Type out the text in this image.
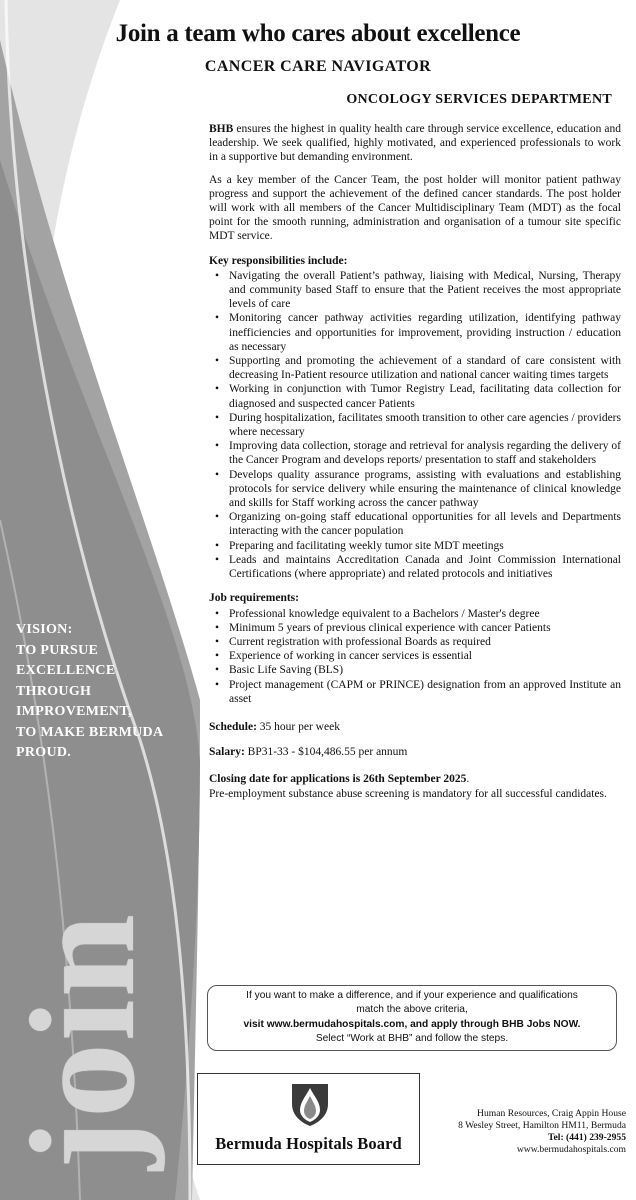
join
VISION:
TO PURSUE
EXCELLENCE
THROUGH
IMPROVEMENT,
TO MAKE BERMUDA
PROUD.
Join a team who cares about excellence
CANCER CARE NAVIGATOR
ONCOLOGY SERVICES DEPARTMENT

BHB ensures the highest in quality health care through service excellence, education and leadership. We seek qualified, highly motivated, and experienced professionals to work in a supportive but demanding environment.

As a key member of the Cancer Team, the post holder will monitor patient pathway progress and support the achievement of the defined cancer standards. The post holder will work with all members of the Cancer Multidisciplinary Team (MDT) as the focal point for the smooth running, administration and organisation of a tumour site specific MDT service.

Key responsibilities include:
• Navigating the overall Patient’s pathway, liaising with Medical, Nursing, Therapy and community based Staff to ensure that the Patient receives the most appropriate levels of care
• Monitoring cancer pathway activities regarding utilization, identifying pathway inefficiencies and opportunities for improvement, providing instruction / education as necessary
• Supporting and promoting the achievement of a standard of care consistent with decreasing In-Patient resource utilization and national cancer waiting times targets
• Working in conjunction with Tumor Registry Lead, facilitating data collection for diagnosed and suspected cancer Patients
• During hospitalization, facilitates smooth transition to other care agencies / providers where necessary
• Improving data collection, storage and retrieval for analysis regarding the delivery of the Cancer Program and develops reports/ presentation to staff and stakeholders
• Develops quality assurance programs, assisting with evaluations and establishing protocols for service delivery while ensuring the maintenance of clinical knowledge and skills for Staff working across the cancer pathway
• Organizing on-going staff educational opportunities for all levels and Departments interacting with the cancer population
• Preparing and facilitating weekly tumor site MDT meetings
• Leads and maintains Accreditation Canada and Joint Commission International Certifications (where appropriate) and related protocols and initiatives
Job requirements:
• Professional knowledge equivalent to a Bachelors / Master's degree
• Minimum 5 years of previous clinical experience with cancer Patients
• Current registration with professional Boards as required
• Experience of working in cancer services is essential
• Basic Life Saving (BLS)
• Project management (CAPM or PRINCE) designation from an approved Institute an asset
Schedule: 35 hour per week
Salary: BP31-33 - $104,486.55 per annum
Closing date for applications is 26th September 2025.
Pre-employment substance abuse screening is mandatory for all successful candidates.
If you want to make a difference, and if your experience and qualifications
match the above criteria,
visit www.bermudahospitals.com, and apply through BHB Jobs NOW.
Select “Work at BHB” and follow the steps.
Bermuda Hospitals Board
Human Resources, Craig Appin House
8 Wesley Street, Hamilton HM11, Bermuda
Tel: (441) 239-2955
www.bermudahospitals.com
